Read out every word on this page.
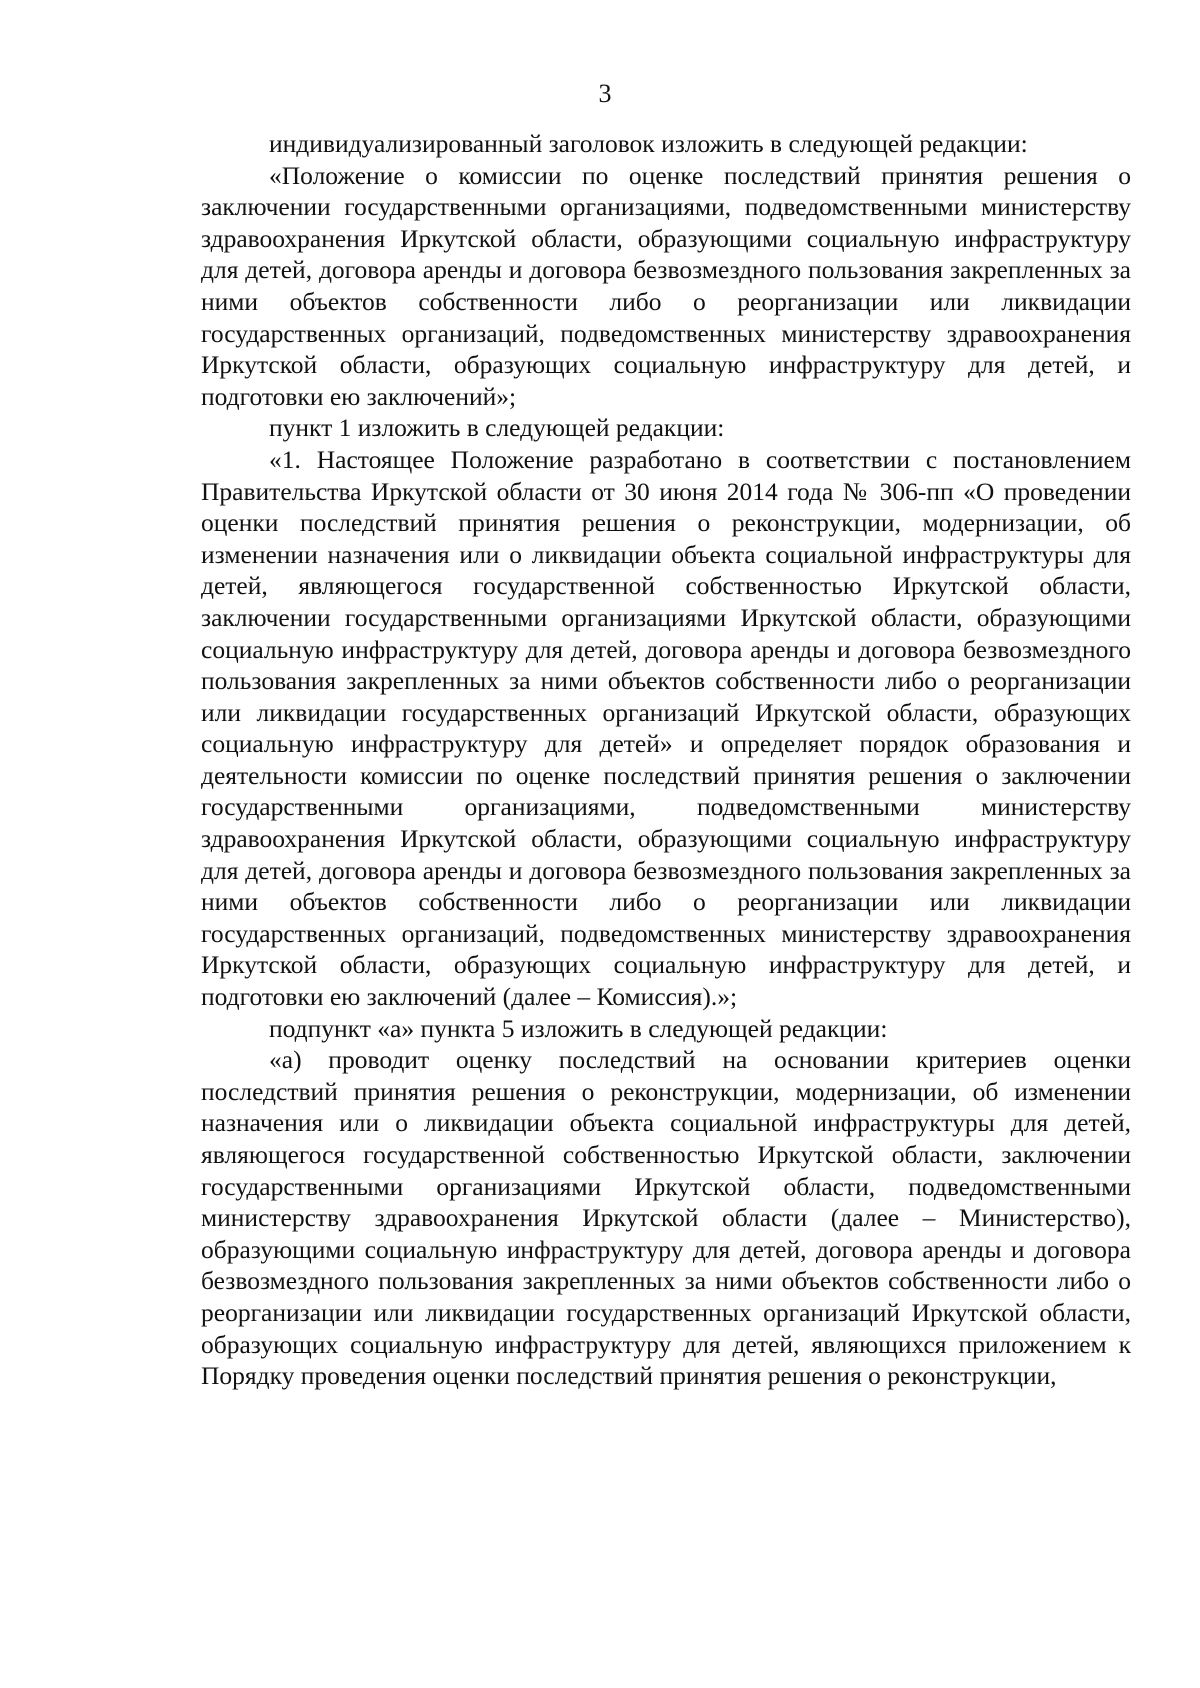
3

индивидуализированный заголовок изложить в следующей редакции:

«Положение о комиссии по оценке последствий принятия решения о заключении государственными организациями, подведомственными министерству здравоохранения Иркутской области, образующими социальную инфраструктуру для детей, договора аренды и договора безвозмездного пользования закрепленных за ними объектов собственности либо о реорганизации или ликвидации государственных организаций, подведомственных министерству здравоохранения Иркутской области, образующих социальную инфраструктуру для детей, и подготовки ею заключений»;

пункт 1 изложить в следующей редакции:

«1. Настоящее Положение разработано в соответствии с постановлением Правительства Иркутской области от 30 июня 2014 года № 306-пп «О проведении оценки последствий принятия решения о реконструкции, модернизации, об изменении назначения или о ликвидации объекта социальной инфраструктуры для детей, являющегося государственной собственностью Иркутской области, заключении государственными организациями Иркутской области, образующими социальную инфраструктуру для детей, договора аренды и договора безвозмездного пользования закрепленных за ними объектов собственности либо о реорганизации или ликвидации государственных организаций Иркутской области, образующих социальную инфраструктуру для детей» и определяет порядок образования и деятельности комиссии по оценке последствий принятия решения о заключении государственными организациями, подведомственными министерству здравоохранения Иркутской области, образующими социальную инфраструктуру для детей, договора аренды и договора безвозмездного пользования закрепленных за ними объектов собственности либо о реорганизации или ликвидации государственных организаций, подведомственных министерству здравоохранения Иркутской области, образующих социальную инфраструктуру для детей, и подготовки ею заключений (далее – Комиссия).»;

подпункт «а» пункта 5 изложить в следующей редакции:

«а) проводит оценку последствий на основании критериев оценки последствий принятия решения о реконструкции, модернизации, об изменении назначения или о ликвидации объекта социальной инфраструктуры для детей, являющегося государственной собственностью Иркутской области, заключении государственными организациями Иркутской области, подведомственными министерству здравоохранения Иркутской области (далее – Министерство), образующими социальную инфраструктуру для детей, договора аренды и договора безвозмездного пользования закрепленных за ними объектов собственности либо о реорганизации или ликвидации государственных организаций Иркутской области, образующих социальную инфраструктуру для детей, являющихся приложением к Порядку проведения оценки последствий принятия решения о реконструкции,
